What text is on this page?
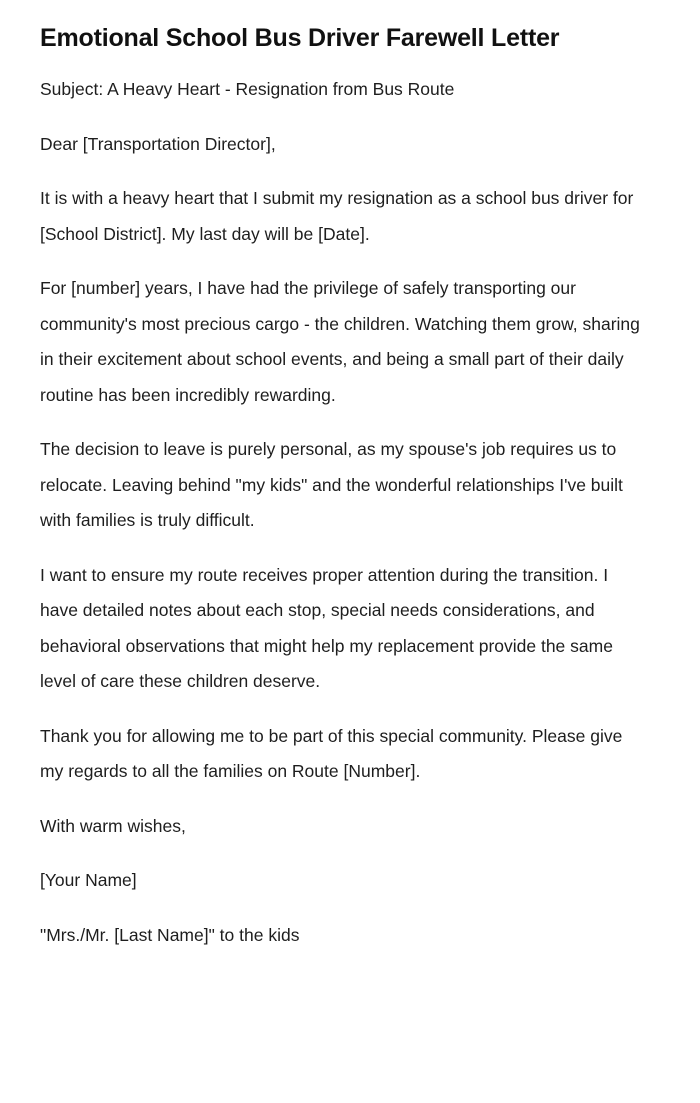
Emotional School Bus Driver Farewell Letter

Subject: A Heavy Heart - Resignation from Bus Route

Dear [Transportation Director],

It is with a heavy heart that I submit my resignation as a school bus driver for [School District]. My last day will be [Date].

For [number] years, I have had the privilege of safely transporting our community's most precious cargo - the children. Watching them grow, sharing in their excitement about school events, and being a small part of their daily routine has been incredibly rewarding.

The decision to leave is purely personal, as my spouse's job requires us to relocate. Leaving behind "my kids" and the wonderful relationships I've built with families is truly difficult.

I want to ensure my route receives proper attention during the transition. I have detailed notes about each stop, special needs considerations, and behavioral observations that might help my replacement provide the same level of care these children deserve.

Thank you for allowing me to be part of this special community. Please give my regards to all the families on Route [Number].

With warm wishes,

[Your Name]

"Mrs./Mr. [Last Name]" to the kids
